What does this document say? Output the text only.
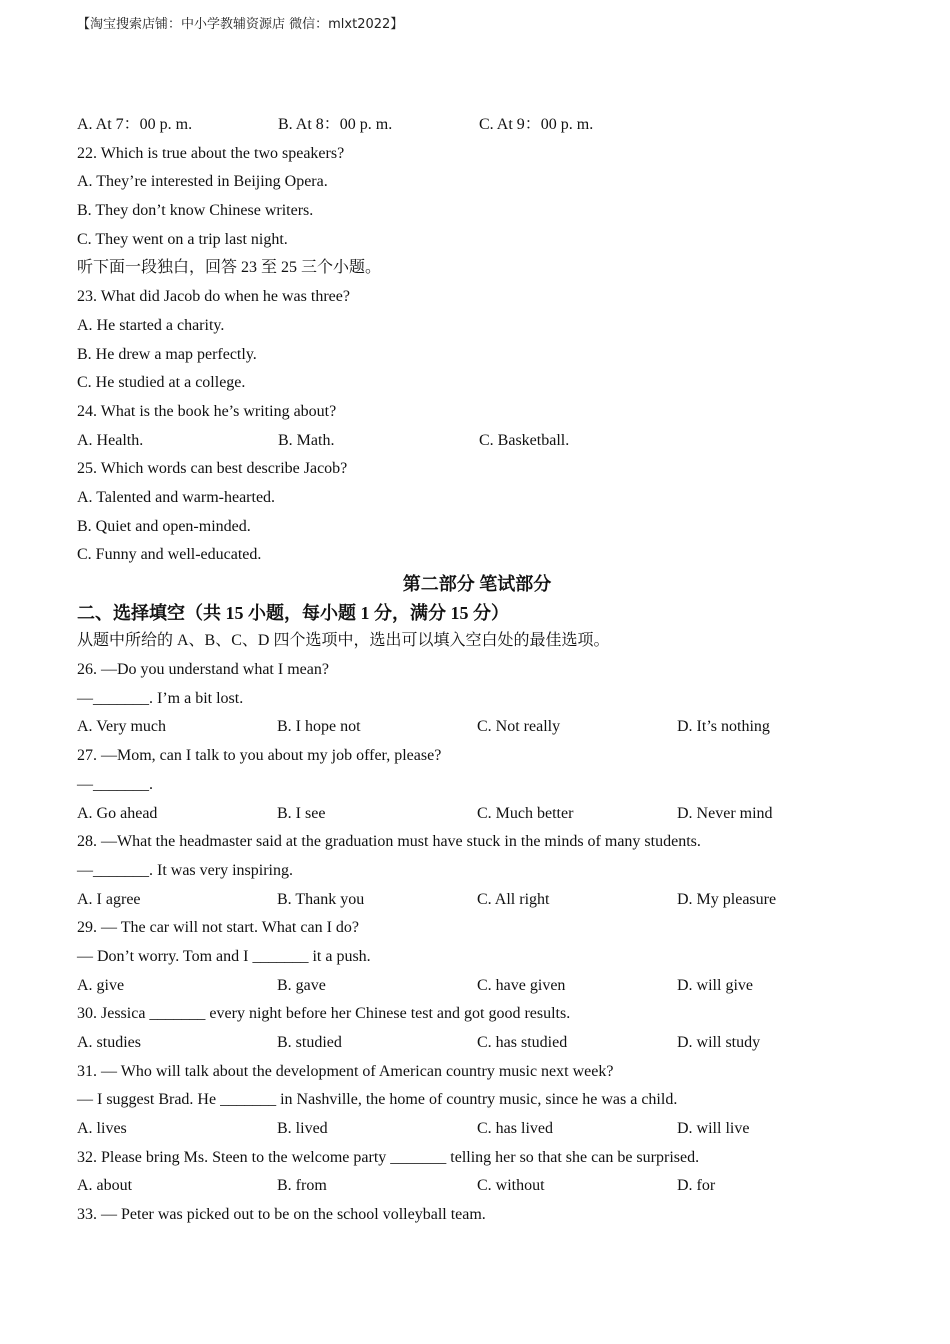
【淘宝搜索店铺：中小学教辅资源店 微信：mlxt2022】
A. At 7：00 p. m.	B. At 8：00 p. m.	C. At 9：00 p. m.
22. Which is true about the two speakers?
A. They’re interested in Beijing Opera.
B. They don’t know Chinese writers.
C. They went on a trip last night.
听下面一段独白，回答 23 至 25 三个小题。
23. What did Jacob do when he was three?
A. He started a charity.
B. He drew a map perfectly.
C. He studied at a college.
24. What is the book he’s writing about?
A. Health.	B. Math.	C. Basketball.
25. Which words can best describe Jacob?
A. Talented and warm-hearted.
B. Quiet and open-minded.
C. Funny and well-educated.
第二部分 笔试部分
二、选择填空（共 15 小题，每小题 1 分，满分 15 分）
从题中所给的 A、B、C、D 四个选项中，选出可以填入空白处的最佳选项。
26. —Do you understand what I mean?
—_______. I’m a bit lost.
A. Very much	B. I hope not	C. Not really	D. It’s nothing
27. —Mom, can I talk to you about my job offer, please?
—_______.
A. Go ahead	B. I see	C. Much better	D. Never mind
28. —What the headmaster said at the graduation must have stuck in the minds of many students.
—_______. It was very inspiring.
A. I agree	B. Thank you	C. All right	D. My pleasure
29. — The car will not start. What can I do?
— Don’t worry. Tom and I _______ it a push.
A. give	B. gave	C. have given	D. will give
30. Jessica _______ every night before her Chinese test and got good results.
A. studies	B. studied	C. has studied	D. will study
31. — Who will talk about the development of American country music next week?
— I suggest Brad. He _______ in Nashville, the home of country music, since he was a child.
A. lives	B. lived	C. has lived	D. will live
32. Please bring Ms. Steen to the welcome party _______ telling her so that she can be surprised.
A. about	B. from	C. without	D. for
33. — Peter was picked out to be on the school volleyball team.
